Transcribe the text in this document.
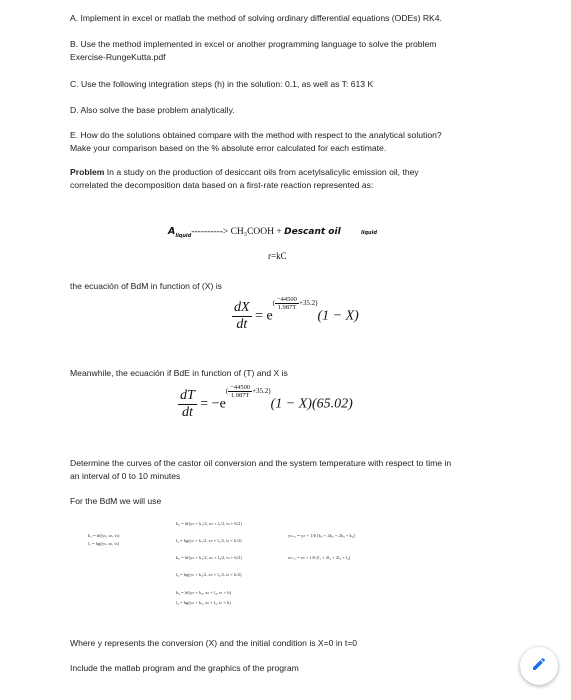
A. Implement in excel or matlab the method of solving ordinary differential equations (ODEs) RK4.
B. Use the method implemented in excel or another programming language to solve the problem
Exercise-RungeKutta.pdf
C. Use the following integration steps (h) in the solution: 0.1, as well as T: 613 K
D. Also solve the base problem analytically.
E. How do the solutions obtained compare with the method with respect to the analytical solution?
Make your comparison based on the % absolute error calculated for each estimate.
Problem In a study on the production of desiccant oils from acetylsalicylic emission oil, they
correlated the decomposition data based on a first-rate reaction represented as:
$A_{liquid}---------->$ CH₃COOH + Descant oil	liquid
r=kC
the ecuación of BdM in function of (X) is
$\frac{dX}{dt} = e( \frac{-44500}{1.987T} +35.2)(1 - X)$
Meanwhile, the ecuación if BdE in function of (T) and X is
$\frac{dT}{dt} = -e( \frac{-44500}{1.987T} +35.2)(1 - X)(65.02)$
Determine the curves of the castor oil conversion and the system temperature with respect to time in
an interval of 0 to 10 minutes
For the BdM we will use
k₁ = hf(yₙ, zₙ, tₙ)
l₁ = hg(yₙ, zₙ, tₙ)
k₂ = hf(yₙ + k₁/2, zₙ + l₁/2, tₙ + h/2)
l₂ = hg(yₙ + k₁/2, zₙ + l₁/2, tₙ + h/2)
k₃ = hf(yₙ + k₂/2, zₙ + l₂/2, tₙ + h/2)
l₃ = hg(yₙ + k₂/2, zₙ + l₂/2, tₙ + h/2)
k₄ = hf(yₙ + k₃, zₙ + l₃, tₙ + h)
l₄ = hg(yₙ + k₃, zₙ + l₃, tₙ + h)
yₙ₊₁ = yₙ + 1/6 [k₁ + 2k₂ + 2k₃ + k₄]
zₙ₊₁ = zₙ + 1/6 [l₁ + 2l₂ + 2l₃ + l₄]
Where y represents the conversion (X) and the initial condition is X=0 in t=0
Include the matlab program and the graphics of the program
